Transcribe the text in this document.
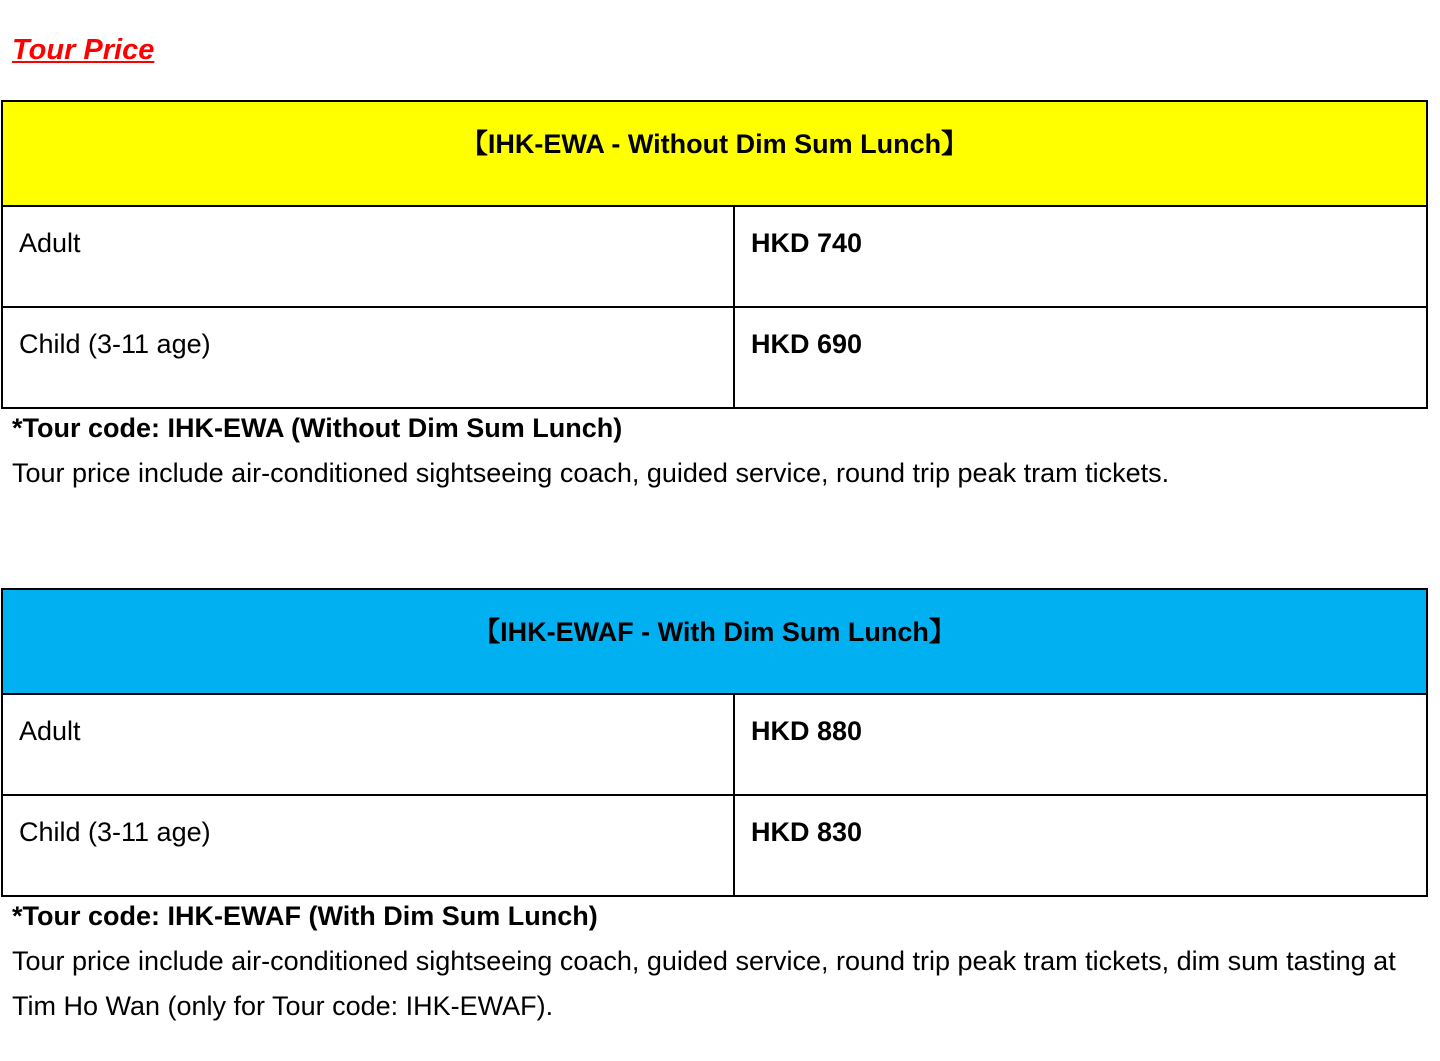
Tour Price
【IHK-EWA - Without Dim Sum Lunch】	
Adult	HKD 740
Child (3-11 age)	HKD 690
*Tour code: IHK-EWA (Without Dim Sum Lunch)
Tour price include air-conditioned sightseeing coach, guided service, round trip peak tram tickets.
【IHK-EWAF - With Dim Sum Lunch】	
Adult	HKD 880
Child (3-11 age)	HKD 830
*Tour code: IHK-EWAF (With Dim Sum Lunch)
Tour price include air-conditioned sightseeing coach, guided service, round trip peak tram tickets, dim sum tasting at Tim Ho Wan (only for Tour code: IHK-EWAF).
